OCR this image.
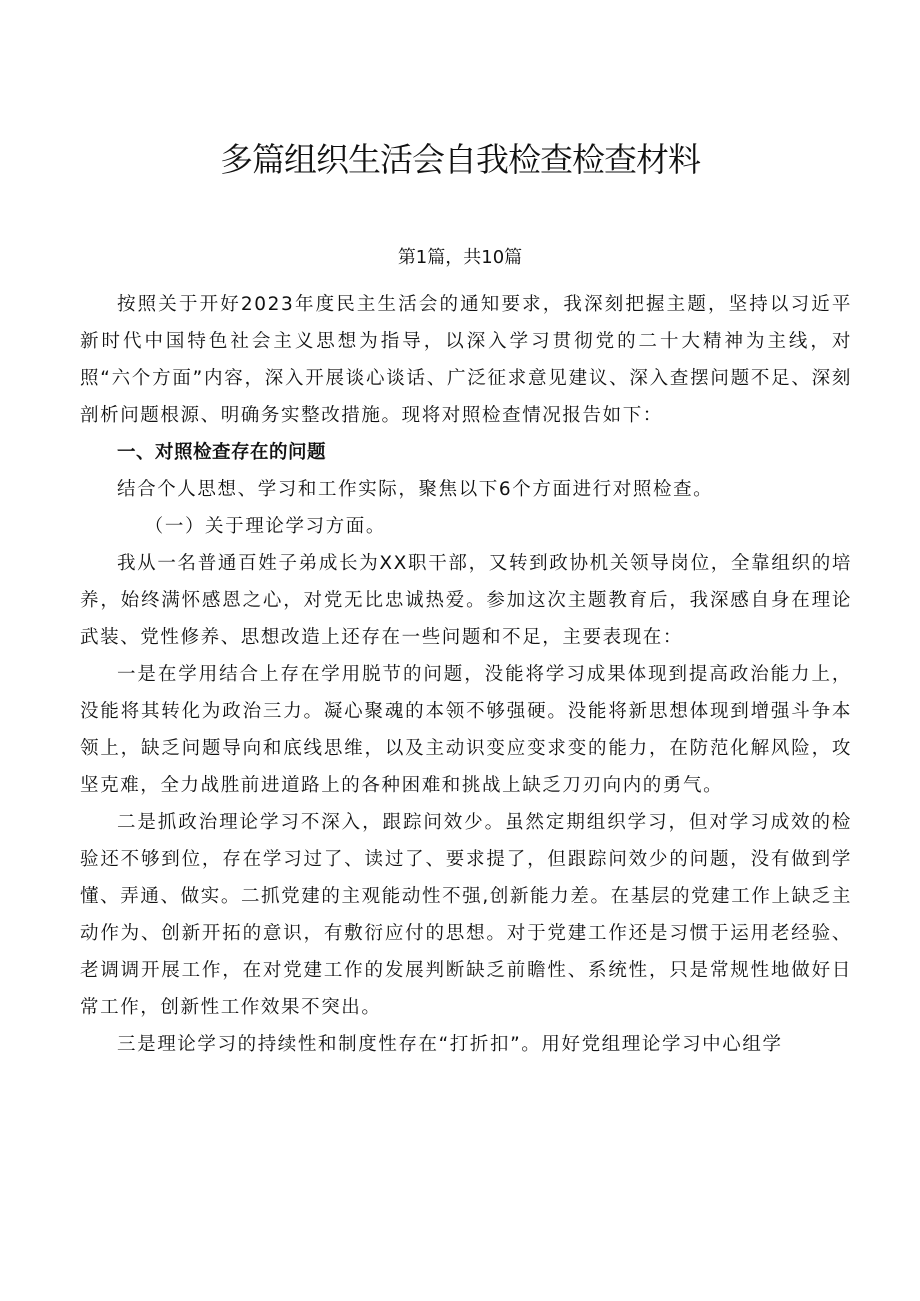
多篇组织生活会自我检查检查材料
第1篇，共10篇

按照关于开好2023年度民主生活会的通知要求，我深刻把握主题，坚持以习近平新时代中国特色社会主义思想为指导，以深入学习贯彻党的二十大精神为主线，对照“六个方面”内容，深入开展谈心谈话、广泛征求意见建议、深入查摆问题不足、深刻剖析问题根源、明确务实整改措施。现将对照检查情况报告如下：

一、对照检查存在的问题

结合个人思想、学习和工作实际，聚焦以下6个方面进行对照检查。

（一）关于理论学习方面。

我从一名普通百姓子弟成长为XX职干部，又转到政协机关领导岗位，全靠组织的培养，始终满怀感恩之心，对党无比忠诚热爱。参加这次主题教育后，我深感自身在理论武装、党性修养、思想改造上还存在一些问题和不足，主要表现在：

一是在学用结合上存在学用脱节的问题，没能将学习成果体现到提高政治能力上，没能将其转化为政治三力。凝心聚魂的本领不够强硬。没能将新思想体现到增强斗争本领上，缺乏问题导向和底线思维，以及主动识变应变求变的能力，在防范化解风险，攻坚克难，全力战胜前进道路上的各种困难和挑战上缺乏刀刃向内的勇气。

二是抓政治理论学习不深入，跟踪问效少。虽然定期组织学习，但对学习成效的检验还不够到位，存在学习过了、读过了、要求提了，但跟踪问效少的问题，没有做到学懂、弄通、做实。二抓党建的主观能动性不强,创新能力差。在基层的党建工作上缺乏主动作为、创新开拓的意识，有敷衍应付的思想。对于党建工作还是习惯于运用老经验、老调调开展工作，在对党建工作的发展判断缺乏前瞻性、系统性，只是常规性地做好日常工作，创新性工作效果不突出。

三是理论学习的持续性和制度性存在“打折扣”。用好党组理论学习中心组学
